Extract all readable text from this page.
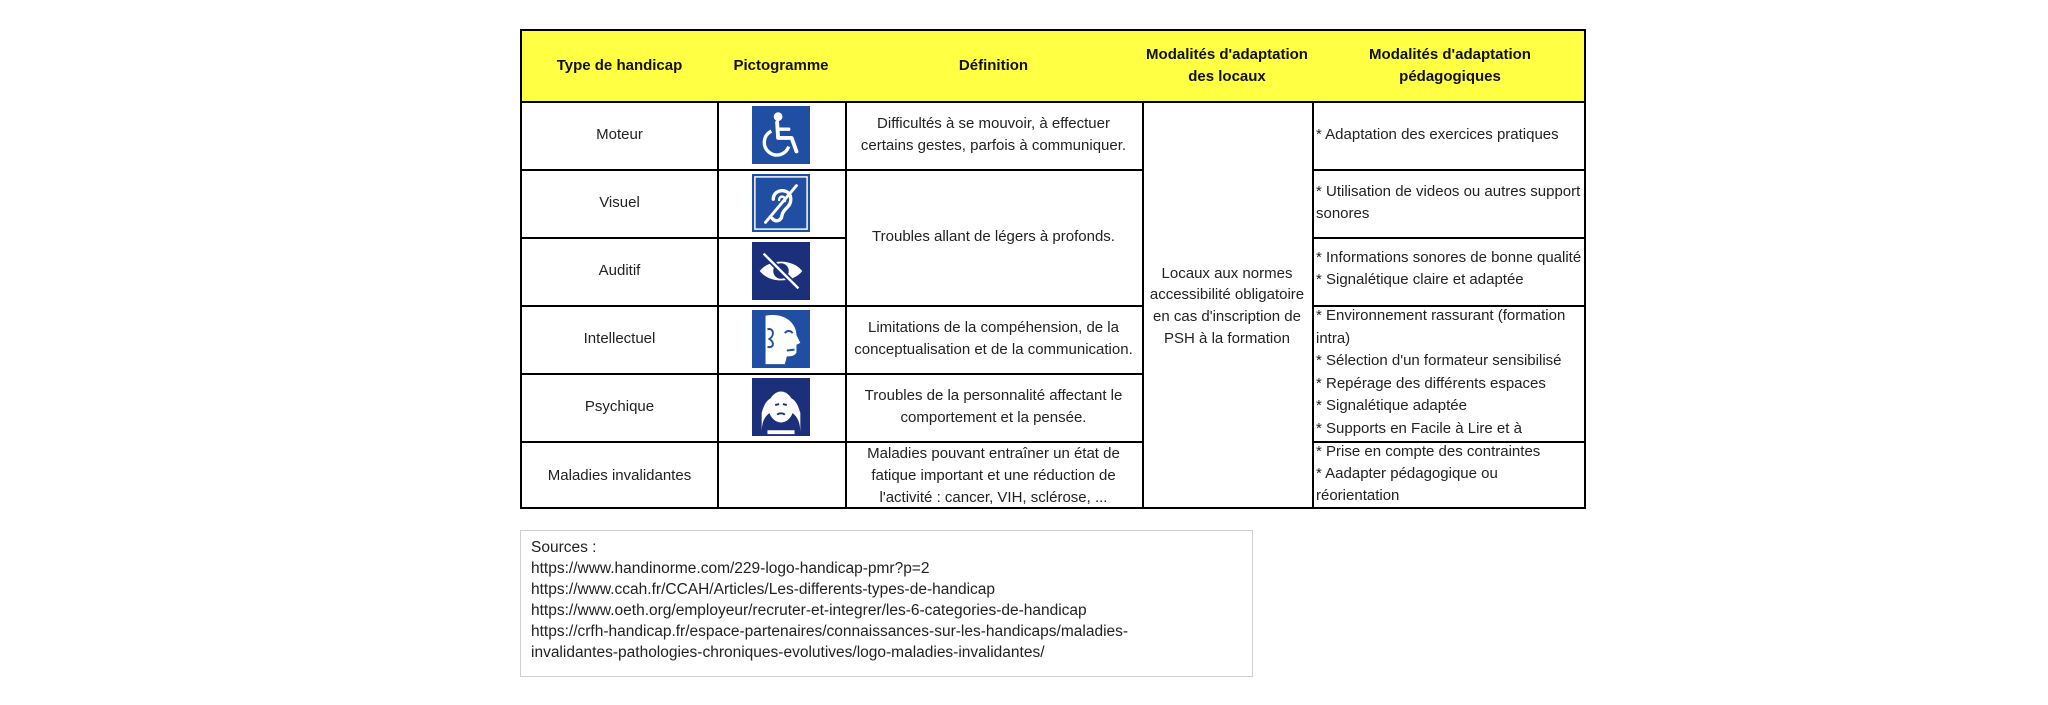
Type de handicap	Pictogramme	Définition
Modalités d'adaptation des locaux
Modalités d'adaptation pédagogiques
Moteur
Visuel
Auditif
Intellectuel
Psychique
Maladies invalidantes
Difficultés à se mouvoir, à effectuer certains gestes, parfois à communiquer.
Troubles allant de légers à profonds.
Limitations de la compéhension, de la conceptualisation et de la communication.
Troubles de la personnalité affectant le comportement et la pensée.
Maladies pouvant entraîner un état de fatique important et une réduction de l'activité : cancer, VIH, sclérose, ...
Locaux aux normes accessibilité obligatoire en cas d'inscription de PSH à la formation
* Adaptation des exercices pratiques
* Utilisation de videos ou autres support sonores
* Informations sonores de bonne qualité
* Signalétique claire et adaptée
* Environnement rassurant (formation intra)
* Sélection d'un formateur sensibilisé
* Repérage des différents espaces
* Signalétique adaptée
* Supports en Facile à Lire et à
* Prise en compte des contraintes
* Aadapter pédagogique ou réorientation
Sources :
https://www.handinorme.com/229-logo-handicap-pmr?p=2
https://www.ccah.fr/CCAH/Articles/Les-differents-types-de-handicap
https://www.oeth.org/employeur/recruter-et-integrer/les-6-categories-de-handicap
https://crfh-handicap.fr/espace-partenaires/connaissances-sur-les-handicaps/maladies-
invalidantes-pathologies-chroniques-evolutives/logo-maladies-invalidantes/
